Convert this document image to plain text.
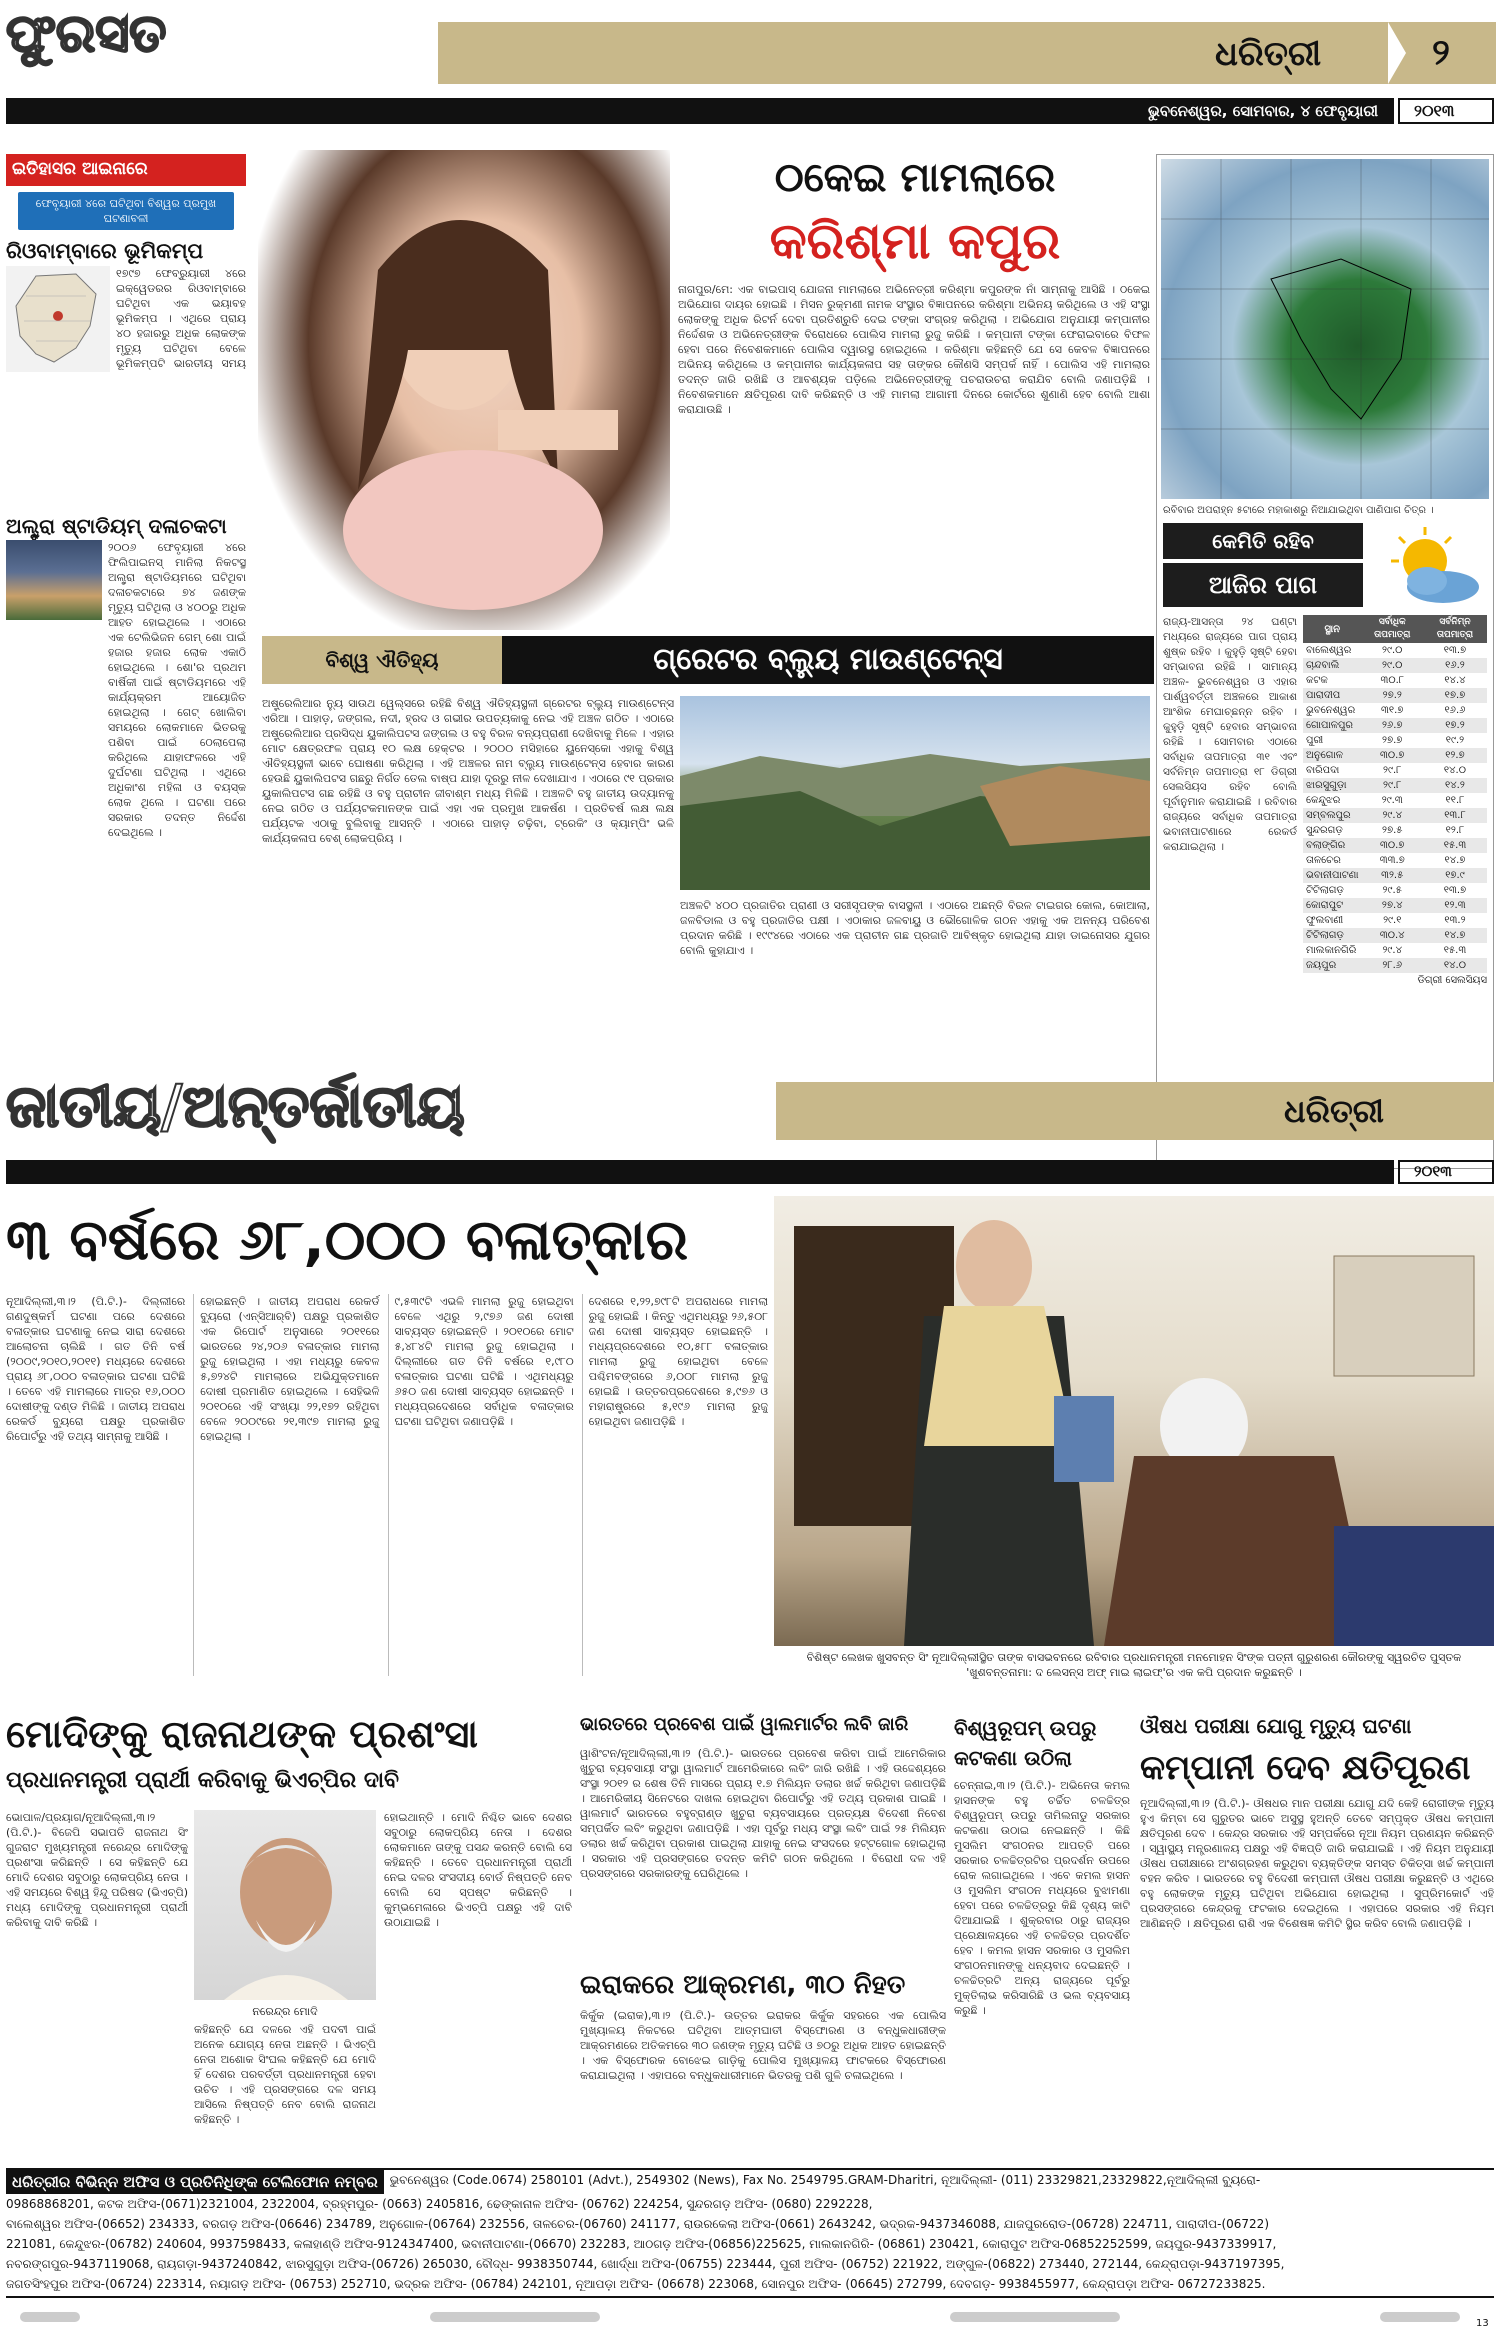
ଫୁରସତ	ଧରିତ୍ରୀ	୨
ଭୁବନେଶ୍ୱର, ସୋମବାର, ୪ ଫେବୃୟାରୀ ୨୦୧୩
ଇତିହାସର ଆଇନାରେ
ଫେବୃୟାରୀ ୪ରେ ଘଟିଥିବା ବିଶ୍ୱର ପ୍ରମୁଖ ଘଟଣାବଳୀ
ରିଓବାମ୍ବାରେ ଭୂମିକମ୍ପ
୧୭୯୭ ଫେବ୍ରୁୟାରୀ ୪ରେ ଇକ୍ୱେଡରର ରିଓବାମ୍ବାରେ ଘଟିଥିବା ଏକ ଭୟାବହ ଭୂମିକମ୍ପ । ଏଥିରେ ପ୍ରାୟ ୪୦ ହଜାରରୁ ଅଧିକ ଲୋକଙ୍କ ମୃତ୍ୟୁ ଘଟିଥିବା ବେଳେ ଭୂମିକମ୍ପଟି ଭାରତୀୟ ସମୟ
ଅଲ୍ଟ୍ରା ଷ୍ଟାଡିୟମ୍ ଦଳାଚକଟା
୨୦୦୬ ଫେବୃୟାରୀ ୪ରେ ଫିଲିପାଇନସ୍ ମାନିଲା ନିକଟସ୍ଥ ଅଲ୍ଟ୍ରା ଷ୍ଟାଡିୟମରେ ଘଟିଥିବା ଦଳାଚକଟାରେ ୭୪ ଜଣଙ୍କ ମୃତ୍ୟୁ ଘଟିଥିଲା ଓ ୪୦୦ରୁ ଅଧିକ ଆହତ ହୋଇଥିଲେ । ଏଠାରେ ଏକ ଟେଲିଭିଜନ ଗେମ୍ ଶୋ ପାଇଁ ହଜାର ହଜାର ଲୋକ ଏକାଠି ହୋଇଥିଲେ । ଶୋ'ର ପ୍ରଥମ ବାର୍ଷିକୀ ପାଇଁ ଷ୍ଟାଡିୟମରେ ଏହି କାର୍ଯ୍ୟକ୍ରମ ଆୟୋଜିତ ହୋଇଥିଲା । ଗେଟ୍ ଖୋଲିବା ସମୟରେ ଲୋକମାନେ ଭିତରକୁ ପଶିବା ପାଇଁ ଠେଲାପେଲା କରିଥିଲେ ଯାହାଫଳରେ ଏହି ଦୁର୍ଘଟଣା ଘଟିଥିଲା । ଏଥିରେ ଅଧିକାଂଶ ମହିଳା ଓ ବୟସ୍କ ଲୋକ ଥିଲେ । ଘଟଣା ପରେ ସରକାର ତଦନ୍ତ ନିର୍ଦ୍ଦେଶ ଦେଇଥିଲେ ।
୦କେଇ ମାମଲାରେ
କରିଶ୍ମା କପୁର
ନାଗପୁର/ମେ: ଏକ ବାଇପାସ୍ ଯୋଜନା ମାମଲାରେ ଅଭିନେତ୍ରୀ କରିଶ୍ମା କପୁରଙ୍କ ନାଁ ସାମ୍ନାକୁ ଆସିଛି । ଠକେଇ ଅଭିଯୋଗ ଦାୟର ହୋଇଛି । ମିସନ ରୁକ୍ମଣୀ ନାମକ ସଂସ୍ଥାର ବିଜ୍ଞାପନରେ କରିଶ୍ମା ଅଭିନୟ କରିଥିଲେ ଓ ଏହି ସଂସ୍ଥା ଲୋକଙ୍କୁ ଅଧିକ ରିଟର୍ନ ଦେବା ପ୍ରତିଶ୍ରୁତି ଦେଇ ଟଙ୍କା ସଂଗ୍ରହ କରିଥିଲା । ଅଭିଯୋଗ ଅନୁଯାୟୀ କମ୍ପାନୀର ନିର୍ଦ୍ଦେଶକ ଓ ଅଭିନେତ୍ରୀଙ୍କ ବିରୋଧରେ ପୋଲିସ ମାମଲା ରୁଜୁ କରିଛି । କମ୍ପାନୀ ଟଙ୍କା ଫେରାଇବାରେ ବିଫଳ ହେବା ପରେ ନିବେଶକମାନେ ପୋଲିସ ଦ୍ୱାରସ୍ଥ ହୋଇଥିଲେ । କରିଶ୍ମା କହିଛନ୍ତି ଯେ ସେ କେବଳ ବିଜ୍ଞାପନରେ ଅଭିନୟ କରିଥିଲେ ଓ କମ୍ପାନୀର କାର୍ଯ୍ୟକଳାପ ସହ ତାଙ୍କର କୌଣସି ସମ୍ପର୍କ ନାହିଁ । ପୋଲିସ ଏହି ମାମଲାର ତଦନ୍ତ ଜାରି ରଖିଛି ଓ ଆବଶ୍ୟକ ପଡ଼ିଲେ ଅଭିନେତ୍ରୀଙ୍କୁ ପଚରାଉଚରା କରାଯିବ ବୋଲି ଜଣାପଡ଼ିଛି । ନିବେଶକମାନେ କ୍ଷତିପୂରଣ ଦାବି କରିଛନ୍ତି ଓ ଏହି ମାମଲା ଆଗାମୀ ଦିନରେ କୋର୍ଟରେ ଶୁଣାଣି ହେବ ବୋଲି ଆଶା କରାଯାଉଛି ।
ବିଶ୍ୱ ଐତିହ୍ୟ	ଗ୍ରେଟର ବ୍ଲ୍ୟୁ ମାଉଣ୍ଟେନ୍ସ
ଅଷ୍ଟ୍ରେଲିଆର ନ୍ୟୁ ସାଉଥ ୱେଲ୍ସରେ ରହିଛି ବିଶ୍ୱ ଐତିହ୍ୟସ୍ଥଳୀ ଗ୍ରେଟର ବ୍ଲ୍ୟୁ ମାଉଣ୍ଟେନ୍ସ ଏରିଆ । ପାହାଡ଼, ଜଙ୍ଗଲ, ନଦୀ, ହ୍ରଦ ଓ ଗଭୀର ଉପତ୍ୟକାକୁ ନେଇ ଏହି ଅଞ୍ଚଳ ଗଠିତ । ଏଠାରେ ଅଷ୍ଟ୍ରେଲିଆର ପ୍ରସିଦ୍ଧ ୟୁକାଲିପଟସ ଜଙ୍ଗଲ ଓ ବହୁ ବିରଳ ବନ୍ୟପ୍ରାଣୀ ଦେଖିବାକୁ ମିଳେ । ଏହାର ମୋଟ କ୍ଷେତ୍ରଫଳ ପ୍ରାୟ ୧୦ ଲକ୍ଷ ହେକ୍ଟର । ୨୦୦୦ ମସିହାରେ ୟୁନେସ୍କୋ ଏହାକୁ ବିଶ୍ୱ ଐତିହ୍ୟସ୍ଥଳୀ ଭାବେ ଘୋଷଣା କରିଥିଲା । ଏହି ଅଞ୍ଚଳର ନାମ ବ୍ଲ୍ୟୁ ମାଉଣ୍ଟେନ୍ସ ହେବାର କାରଣ ହେଉଛି ୟୁକାଲିପଟସ ଗଛରୁ ନିର୍ଗତ ତେଲ ବାଷ୍ପ ଯାହା ଦୂରରୁ ନୀଳ ଦେଖାଯାଏ । ଏଠାରେ ୯୧ ପ୍ରକାର ୟୁକାଲିପଟସ ଗଛ ରହିଛି ଓ ବହୁ ପ୍ରାଚୀନ ଜୀବାଶ୍ମ ମଧ୍ୟ ମିଳିଛି । ଅଞ୍ଚଳଟି ବହୁ ଜାତୀୟ ଉଦ୍ୟାନକୁ ନେଇ ଗଠିତ ଓ ପର୍ଯ୍ୟଟକମାନଙ୍କ ପାଇଁ ଏହା ଏକ ପ୍ରମୁଖ ଆକର୍ଷଣ । ପ୍ରତିବର୍ଷ ଲକ୍ଷ ଲକ୍ଷ ପର୍ଯ୍ୟଟକ ଏଠାକୁ ବୁଲିବାକୁ ଆସନ୍ତି । ଏଠାରେ ପାହାଡ଼ ଚଢ଼ିବା, ଟ୍ରେକିଂ ଓ କ୍ୟାମ୍ପିଂ ଭଳି କାର୍ଯ୍ୟକଳାପ ବେଶ୍ ଲୋକପ୍ରିୟ ।
ଅଞ୍ଚଳଟି ୪୦୦ ପ୍ରଜାତିର ପ୍ରାଣୀ ଓ ସରୀସୃପଙ୍କ ବାସସ୍ଥଳୀ । ଏଠାରେ ଅଛନ୍ତି ବିରଳ ଟାଇଗର କୋଲ, କୋଆଲା, ଜଳବିଡାଲ ଓ ବହୁ ପ୍ରଜାତିର ପକ୍ଷୀ । ଏଠାକାର ଜଳବାୟୁ ଓ ଭୌଗୋଳିକ ଗଠନ ଏହାକୁ ଏକ ଅନନ୍ୟ ପରିବେଶ ପ୍ରଦାନ କରିଛି । ୧୯୯୪ରେ ଏଠାରେ ଏକ ପ୍ରାଚୀନ ଗଛ ପ୍ରଜାତି ଆବିଷ୍କୃତ ହୋଇଥିଲା ଯାହା ଡାଇନୋସର ଯୁଗର ବୋଲି କୁହାଯାଏ ।
ରବିବାର ଅପରାହ୍ନ ୫ଟାରେ ମହାକାଶରୁ ନିଆଯାଇଥିବା ପାଣିପାଗ ଚିତ୍ର ।
କେମିତି ରହିବ
ଆଜିର ପାଗ
ରାଜ୍ୟ-ଆସନ୍ତା ୨୪ ଘଣ୍ଟା ମଧ୍ୟରେ ରାଜ୍ୟରେ ପାଗ ପ୍ରାୟ ଶୁଷ୍କ ରହିବ । କୁହୁଡ଼ି ସୃଷ୍ଟି ହେବା ସମ୍ଭାବନା ରହିଛି । ସାମାନ୍ୟ ଅଞ୍ଚଳ- ଭୁବନେଶ୍ୱର ଓ ଏହାର ପାର୍ଶ୍ୱବର୍ତ୍ତୀ ଅଞ୍ଚଳରେ ଆକାଶ ଆଂଶିକ ମେଘାଚ୍ଛନ୍ନ ରହିବ । କୁହୁଡ଼ି ସୃଷ୍ଟି ହେବାର ସମ୍ଭାବନା ରହିଛି । ସୋମବାର ଏଠାରେ ସର୍ବାଧିକ ତାପମାତ୍ରା ୩୧ ଏବଂ ସର୍ବନିମ୍ନ ତାପମାତ୍ରା ୧୮ ଡିଗ୍ରୀ ସେଲସିୟସ ରହିବ ବୋଲି ପୂର୍ବାନୁମାନ କରାଯାଇଛି । ରବିବାର ରାଜ୍ୟରେ ସର୍ବାଧିକ ତାପମାତ୍ରା ଭବାନୀପାଟଣାରେ ରେକର୍ଡ କରାଯାଇଥିଲା ।
ସ୍ଥାନ	ସର୍ବାଧିକ ତାପମାତ୍ରା	ସର୍ବନିମ୍ନ ତାପମାତ୍ରା
ବାଲେଶ୍ୱର	୨୯.୦	୧୩.୭
ଚାନ୍ଦବାଲି	୨୯.୦	୧୬.୨
କଟକ	୩୦.୮	୧୪.୪
ପାରାଦୀପ	୨୭.୨	୧୭.୭
ଭୁବନେଶ୍ୱର	୩୧.୭	୧୬.୬
ଗୋପାଳପୁର	୨୬.୭	୧୭.୨
ପୁରୀ	୨୭.୭	୧୯.୨
ଅନୁଗୋଳ	୩୦.୭	୧୨.୭
ବାରିପଦା	୨୯.୮	୧୪.୦
ଝାରସୁଗୁଡ଼ା	୨୯.୮	୧୪.୨
କେନ୍ଦୁଝର	୨୯.୩	୧୧.୮
ସମ୍ବଲପୁର	୨୯.୪	୧୩.୮
ସୁନ୍ଦରଗଡ଼	୨୭.୫	୧୨.୮
ବଲାଙ୍ଗିର	୩୦.୭	୧୫.୩
ତାଳଚେର	୩୩.୭	୧୪.୭
ଭବାନୀପାଟଣା	୩୨.୫	୧୭.୯
ଟିଟିଲାଗଡ଼	୨୯.୫	୧୩.୭
କୋରାପୁଟ	୨୭.୪	୧୨.୩
ଫୁଲବାଣୀ	୨୯.୧	୧୩.୨
ଟିଟିଲାଗଡ଼	୩୦.୪	୧୪.୭
ମାଲକାନଗିରି	୨୯.୪	୧୫.୩
ଜୟପୁର	୨୮.୬	୧୪.୦
ଡିଗ୍ରୀ ସେଲସିୟସ
ଜାତୀୟ/ଅନ୍ତର୍ଜାତୀୟ	ଧରିତ୍ରୀ
୨୦୧୩
୩ ବର୍ଷରେ ୬୮,୦୦୦ ବଳାତ୍କାର
ନୂଆଦିଲ୍ଲୀ,୩।୨ (ପି.ଟି.)- ଦିଲ୍ଲୀରେ ଗଣଦୁଷ୍କର୍ମ ଘଟଣା ପରେ ଦେଶରେ ବଳାତ୍କାର ଘଟଣାକୁ ନେଇ ସାରା ଦେଶରେ ଆଲୋଚନା ଚାଲିଛି । ଗତ ତିନି ବର୍ଷ (୨୦୦୯,୨୦୧୦,୨୦୧୧) ମଧ୍ୟରେ ଦେଶରେ ପ୍ରାୟ ୬୮,୦୦୦ ବଳାତ୍କାର ଘଟଣା ଘଟିଛି । ତେବେ ଏହି ମାମଲାରେ ମାତ୍ର ୧୬,୦୦୦ ଦୋଷୀଙ୍କୁ ଦଣ୍ଡ ମିଳିଛି । ଜାତୀୟ ଅପରାଧ ରେକର୍ଡ ବ୍ୟୁରୋ ପକ୍ଷରୁ ପ୍ରକାଶିତ ରିପୋର୍ଟରୁ ଏହି ତଥ୍ୟ ସାମ୍ନାକୁ ଆସିଛି ।
ହୋଇଛନ୍ତି । ଜାତୀୟ ଅପରାଧ ରେକର୍ଡ ବ୍ୟୁରୋ (ଏନ୍‌ସିଆର୍‌ବି) ପକ୍ଷରୁ ପ୍ରକାଶିତ ଏକ ରିପୋର୍ଟ ଅନୁସାରେ ୨୦୧୧ରେ ଭାରତରେ ୨୪,୨୦୬ ବଳାତ୍କାର ମାମଲା ରୁଜୁ ହୋଇଥିଲା । ଏହା ମଧ୍ୟରୁ କେବଳ ୫,୭୨୪ଟି ମାମଲାରେ ଅଭିଯୁକ୍ତମାନେ ଦୋଷୀ ପ୍ରମାଣିତ ହୋଇଥିଲେ । ସେହିଭଳି ୨୦୧୦ରେ ଏହି ସଂଖ୍ୟା ୨୨,୧୭୨ ରହିଥିବା ବେଳେ ୨୦୦୯ରେ ୨୧,୩୯୭ ମାମଲା ରୁଜୁ ହୋଇଥିଲା ।
୯,୫୩୯ଟି ଏଭଳି ମାମଲା ରୁଜୁ ହୋଇଥିବା ବେଳେ ଏଥିରୁ ୨,୯୭୬ ଜଣ ଦୋଷୀ ସାବ୍ୟସ୍ତ ହୋଇଛନ୍ତି । ୨୦୧୦ରେ ମୋଟ ୫,୪୮୪ଟି ମାମଲା ରୁଜୁ ହୋଇଥିଲା । ଦିଲ୍ଲୀରେ ଗତ ତିନି ବର୍ଷରେ ୧,୯୮୦ ବଳାତ୍କାର ଘଟଣା ଘଟିଛି । ଏଥିମଧ୍ୟରୁ ୬୫୦ ଜଣ ଦୋଷୀ ସାବ୍ୟସ୍ତ ହୋଇଛନ୍ତି । ମଧ୍ୟପ୍ରଦେଶରେ ସର୍ବାଧିକ ବଳାତ୍କାର ଘଟଣା ଘଟିଥିବା ଜଣାପଡ଼ିଛି ।
ଦେଶରେ ୧,୨୨,୭୯୮ଟି ଅପରାଧରେ ମାମଲା ରୁଜୁ ହୋଇଛି । କିନ୍ତୁ ଏଥିମଧ୍ୟରୁ ୨୬,୫୦୮ ଜଣ ଦୋଷୀ ସାବ୍ୟସ୍ତ ହୋଇଛନ୍ତି । ମଧ୍ୟପ୍ରଦେଶରେ ୧୦,୫୮୮ ବଳାତ୍କାର ମାମଲା ରୁଜୁ ହୋଇଥିବା ବେଳେ ପଶ୍ଚିମବଙ୍ଗରେ ୬,୦୦୮ ମାମଲା ରୁଜୁ ହୋଇଛି । ଉତ୍ତରପ୍ରଦେଶରେ ୫,୯୭୬ ଓ ମହାରାଷ୍ଟ୍ରରେ ୫,୧୯୬ ମାମଲା ରୁଜୁ ହୋଇଥିବା ଜଣାପଡ଼ିଛି ।
ବିଶିଷ୍ଟ ଲେଖକ ଖୁସବନ୍ତ ସିଂ ନୂଆଦିଲ୍ଲୀସ୍ଥିତ ତାଙ୍କ ବାସଭବନରେ ରବିବାର ପ୍ରଧାନମନ୍ତ୍ରୀ ମନମୋହନ ସିଂଙ୍କ ପତ୍ନୀ ଗୁରୁଶରଣ କୌରଙ୍କୁ ସ୍ୱରଚିତ ପୁସ୍ତକ 'ଖୁଶବନ୍ତନାମା: ଦ ଲେସନ୍ସ ଅଫ୍ ମାଇ ଲାଇଫ୍'ର ଏକ କପି ପ୍ରଦାନ କରୁଛନ୍ତି ।
ମୋଦିଙ୍କୁ ରାଜନାଥଙ୍କ ପ୍ରଶଂସା
ପ୍ରଧାନମନ୍ତ୍ରୀ ପ୍ରାର୍ଥୀ କରିବାକୁ ଭିଏଚ୍‌ପିର ଦାବି
ଭୋପାଳ/ପ୍ରୟାଗ/ନୂଆଦିଲ୍ଲୀ,୩।୨ (ପି.ଟି.)- ବିଜେପି ସଭାପତି ରାଜନାଥ ସିଂ ଗୁଜରାଟ ମୁଖ୍ୟମନ୍ତ୍ରୀ ନରେନ୍ଦ୍ର ମୋଦିଙ୍କୁ ପ୍ରଶଂସା କରିଛନ୍ତି । ସେ କହିଛନ୍ତି ଯେ ମୋଦି ଦେଶର ସବୁଠାରୁ ଲୋକପ୍ରିୟ ନେତା । ଏହି ସମୟରେ ବିଶ୍ୱ ହିନ୍ଦୁ ପରିଷଦ (ଭିଏଚ୍‌ପି) ମଧ୍ୟ ମୋଦିଙ୍କୁ ପ୍ରଧାନମନ୍ତ୍ରୀ ପ୍ରାର୍ଥୀ କରିବାକୁ ଦାବି କରିଛି ।
ନରେନ୍ଦ୍ର ମୋଦି
କହିଛନ୍ତି ଯେ ଦଳରେ ଏହି ପଦବୀ ପାଇଁ ଅନେକ ଯୋଗ୍ୟ ନେତା ଅଛନ୍ତି । ଭିଏଚ୍‌ପି ନେତା ଅଶୋକ ସିଂଘଲ କହିଛନ୍ତି ଯେ ମୋଦି ହିଁ ଦେଶର ପରବର୍ତ୍ତୀ ପ୍ରଧାନମନ୍ତ୍ରୀ ହେବା ଉଚିତ । ଏହି ପ୍ରସଙ୍ଗରେ ଦଳ ସମୟ ଆସିଲେ ନିଷ୍ପତ୍ତି ନେବ ବୋଲି ରାଜନାଥ କହିଛନ୍ତି ।
ହୋଇଥାନ୍ତି । ମୋଦି ନିଶ୍ଚିତ ଭାବେ ଦେଶର ସବୁଠାରୁ ଲୋକପ୍ରିୟ ନେତା । ଦେଶର ଲୋକମାନେ ତାଙ୍କୁ ପସନ୍ଦ କରନ୍ତି ବୋଲି ସେ କହିଛନ୍ତି । ତେବେ ପ୍ରଧାନମନ୍ତ୍ରୀ ପ୍ରାର୍ଥୀ ନେଇ ଦଳର ସଂସଦୀୟ ବୋର୍ଡ ନିଷ୍ପତ୍ତି ନେବ ବୋଲି ସେ ସ୍ପଷ୍ଟ କରିଛନ୍ତି । କୁମ୍ଭମେଳାରେ ଭିଏଚ୍‌ପି ପକ୍ଷରୁ ଏହି ଦାବି ଉଠାଯାଇଛି ।
ଭାରତରେ ପ୍ରବେଶ ପାଇଁ ୱାଲମାର୍ଟର ଲବି ଜାରି
ୱାଶିଂଟନ/ନୂଆଦିଲ୍ଲୀ,୩।୨ (ପି.ଟି.)- ଭାରତରେ ପ୍ରବେଶ କରିବା ପାଇଁ ଆମେରିକାର ଖୁଚୁରା ବ୍ୟବସାୟୀ ସଂସ୍ଥା ୱାଲମାର୍ଟ ଆମେରିକାରେ ଲବିଂ ଜାରି ରଖିଛି । ଏହି ଉଦ୍ଦେଶ୍ୟରେ ସଂସ୍ଥା ୨୦୧୨ ର ଶେଷ ତିନି ମାସରେ ପ୍ରାୟ ୧.୭ ମିଲିୟନ ଡଲାର ଖର୍ଚ୍ଚ କରିଥିବା ଜଣାପଡ଼ିଛି । ଆମେରିକୀୟ ସିନେଟରେ ଦାଖଲ ହୋଇଥିବା ରିପୋର୍ଟରୁ ଏହି ତଥ୍ୟ ପ୍ରକାଶ ପାଇଛି । ୱାଲମାର୍ଟ ଭାରତରେ ବହୁବ୍ରାଣ୍ଡ ଖୁଚୁରା ବ୍ୟବସାୟରେ ପ୍ରତ୍ୟକ୍ଷ ବିଦେଶୀ ନିବେଶ ସମ୍ପର୍କିତ ଲବିଂ କରୁଥିବା ଜଣାପଡ଼ିଛି । ଏହା ପୂର୍ବରୁ ମଧ୍ୟ ସଂସ୍ଥା ଲବିଂ ପାଇଁ ୨୫ ମିଲିୟନ ଡଲାର ଖର୍ଚ୍ଚ କରିଥିବା ପ୍ରକାଶ ପାଇଥିଲା ଯାହାକୁ ନେଇ ସଂସଦରେ ହଟ୍ଟଗୋଳ ହୋଇଥିଲା । ସରକାର ଏହି ପ୍ରସଙ୍ଗରେ ତଦନ୍ତ କମିଟି ଗଠନ କରିଥିଲେ । ବିରୋଧୀ ଦଳ ଏହି ପ୍ରସଙ୍ଗରେ ସରକାରଙ୍କୁ ଘେରିଥିଲେ ।
ଇରାକରେ ଆକ୍ରମଣ, ୩୦ ନିହତ
କିର୍କୁକ (ଇରାକ),୩।୨ (ପି.ଟି.)- ଉତ୍ତର ଇରାକର କିର୍କୁକ ସହରରେ ଏକ ପୋଲିସ ମୁଖ୍ୟାଳୟ ନିକଟରେ ଘଟିଥିବା ଆତ୍ମଘାତୀ ବିସ୍ଫୋରଣ ଓ ବନ୍ଧୁକଧାରୀଙ୍କ ଆକ୍ରମଣରେ ଅତିକମରେ ୩୦ ଜଣଙ୍କ ମୃତ୍ୟୁ ଘଟିଛି ଓ ୭୦ରୁ ଅଧିକ ଆହତ ହୋଇଛନ୍ତି । ଏକ ବିସ୍ଫୋରକ ବୋଝେଇ ଗାଡ଼ିକୁ ପୋଲିସ ମୁଖ୍ୟାଳୟ ଫାଟକରେ ବିସ୍ଫୋରଣ କରାଯାଇଥିଲା । ଏହାପରେ ବନ୍ଧୁକଧାରୀମାନେ ଭିତରକୁ ପଶି ଗୁଳି ଚଳାଇଥିଲେ ।
ବିଶ୍ୱରୂପମ୍ ଉପରୁ
କଟକଣା ଉଠିଲା
ଚେନ୍ନାଇ,୩।୨ (ପି.ଟି.)- ଅଭିନେତା କମଲ ହାସନଙ୍କ ବହୁ ଚର୍ଚ୍ଚିତ ଚଳଚ୍ଚିତ୍ର ବିଶ୍ୱରୂପମ୍ ଉପରୁ ତାମିଲନାଡୁ ସରକାର କଟକଣା ଉଠାଇ ନେଇଛନ୍ତି । କିଛି ମୁସଲିମ ସଂଗଠନର ଆପତ୍ତି ପରେ ସରକାର ଚଳଚ୍ଚିତ୍ରଟିର ପ୍ରଦର୍ଶନ ଉପରେ ରୋକ ଲଗାଇଥିଲେ । ଏବେ କମଲ ହାସନ ଓ ମୁସଲିମ ସଂଗଠନ ମଧ୍ୟରେ ବୁଝାମଣା ହେବା ପରେ ଚଳଚ୍ଚିତ୍ରରୁ କିଛି ଦୃଶ୍ୟ କାଟି ଦିଆଯାଇଛି । ଶୁକ୍ରବାର ଠାରୁ ରାଜ୍ୟର ପ୍ରେକ୍ଷାଳୟରେ ଏହି ଚଳଚ୍ଚିତ୍ର ପ୍ରଦର୍ଶିତ ହେବ । କମଲ ହାସନ ସରକାର ଓ ମୁସଲିମ ସଂଗଠନମାନଙ୍କୁ ଧନ୍ୟବାଦ ଦେଇଛନ୍ତି । ଚଳଚ୍ଚିତ୍ରଟି ଅନ୍ୟ ରାଜ୍ୟରେ ପୂର୍ବରୁ ମୁକ୍ତିଲାଭ କରିସାରିଛି ଓ ଭଲ ବ୍ୟବସାୟ କରୁଛି ।
ଔଷଧ ପରୀକ୍ଷା ଯୋଗୁ ମୃତ୍ୟୁ ଘଟଣା
କମ୍ପାନୀ ଦେବ କ୍ଷତିପୂରଣ
ନୂଆଦିଲ୍ଲୀ,୩।୨ (ପି.ଟି.)- ଔଷଧର ମାନ ପରୀକ୍ଷା ଯୋଗୁ ଯଦି କେହି ରୋଗୀଙ୍କ ମୃତ୍ୟୁ ହୁଏ କିମ୍ବା ସେ ଗୁରୁତର ଭାବେ ଅସୁସ୍ଥ ହୁଅନ୍ତି ତେବେ ସମ୍ପୃକ୍ତ ଔଷଧ କମ୍ପାନୀ କ୍ଷତିପୂରଣ ଦେବ । କେନ୍ଦ୍ର ସରକାର ଏହି ସମ୍ପର୍କରେ ନୂଆ ନିୟମ ପ୍ରଣୟନ କରିଛନ୍ତି । ସ୍ୱାସ୍ଥ୍ୟ ମନ୍ତ୍ରଣାଳୟ ପକ୍ଷରୁ ଏହି ବିଜ୍ଞପ୍ତି ଜାରି କରାଯାଇଛି । ଏହି ନିୟମ ଅନୁଯାୟୀ ଔଷଧ ପରୀକ୍ଷାରେ ଅଂଶଗ୍ରହଣ କରୁଥିବା ବ୍ୟକ୍ତିଙ୍କ ସମସ୍ତ ଚିକିତ୍ସା ଖର୍ଚ୍ଚ କମ୍ପାନୀ ବହନ କରିବ । ଭାରତରେ ବହୁ ବିଦେଶୀ କମ୍ପାନୀ ଔଷଧ ପରୀକ୍ଷା କରୁଛନ୍ତି ଓ ଏଥିରେ ବହୁ ଲୋକଙ୍କ ମୃତ୍ୟୁ ଘଟିଥିବା ଅଭିଯୋଗ ହୋଇଥିଲା । ସୁପ୍ରିମକୋର୍ଟ ଏହି ପ୍ରସଙ୍ଗରେ କେନ୍ଦ୍ରକୁ ଫଟକାର ଦେଇଥିଲେ । ଏହାପରେ ସରକାର ଏହି ନିୟମ ଆଣିଛନ୍ତି । କ୍ଷତିପୂରଣ ରାଶି ଏକ ବିଶେଷଜ୍ଞ କମିଟି ସ୍ଥିର କରିବ ବୋଲି ଜଣାପଡ଼ିଛି ।
ଧରିତ୍ରୀର ବିଭିନ୍ନ ଅଫିସ ଓ ପ୍ରତିନିଧିଙ୍କ ଟେଲିଫୋନ ନମ୍ବର	ଭୁବନେଶ୍ୱର (Code.0674) 2580101 (Advt.), 2549302 (News), Fax No. 2549795.GRAM-Dharitri, ନୂଆଦିଲ୍ଲୀ- (011) 23329821,23329822,ନୂଆଦିଲ୍ଲୀ ବ୍ୟୁରୋ-
09868868201, କଟକ ଅଫିସ-(0671)2321004, 2322004, ବ୍ରହ୍ମପୁର- (0663) 2405816, ଢେଙ୍କାନାଳ ଅଫିସ- (06762) 224254, ସୁନ୍ଦରଗଡ଼ ଅଫିସ- (0680) 2292228,
ବାଲେଶ୍ୱର ଅଫିସ-(06652) 234333, ବରଗଡ଼ ଅଫିସ-(06646) 234789, ଅନୁଗୋଳ-(06764) 232556, ତାଳଚେର-(06760) 241177, ରାଉରକେଲା ଅଫିସ-(0661) 2643242, ଭଦ୍ରକ-9437346088, ଯାଜପୁରରୋଡ-(06728) 224711, ପାରାଦୀପ-(06722)
221081, କେନ୍ଦୁଝର-(06782) 240604, 9937598433, କଳାହାଣ୍ଡି ଅଫିସ-9124347400, ଭବାନୀପାଟଣା-(06670) 232283, ଆଠଗଡ଼ ଅଫିସ-(06856)225625, ମାଲକାନଗିରି- (06861) 230421, କୋରାପୁଟ ଅଫିସ-06852252599, ଜୟପୁର-9437339917,
ନବରଙ୍ଗପୁର-9437119068, ରାୟଗଡ଼ା-9437240842, ଝାରସୁଗୁଡ଼ା ଅଫିସ-(06726) 265030, ବୌଦ୍ଧ- 9938350744, ଖୋର୍ଦ୍ଧା ଅଫିସ-(06755) 223444, ପୁରୀ ଅଫିସ- (06752) 221922, ଅଙ୍ଗୁଳ-(06822) 273440, 272144, କେନ୍ଦ୍ରାପଡ଼ା-9437197395,
ଜଗତସିଂହପୁର ଅଫିସ-(06724) 223314, ନୟାଗଡ଼ ଅଫିସ- (06753) 252710, ଭଦ୍ରକ ଅଫିସ- (06784) 242101, ନୂଆପଡ଼ା ଅଫିସ- (06678) 223068, ସୋନପୁର ଅଫିସ- (06645) 272799, ଦେବଗଡ଼- 9938455977, କେନ୍ଦ୍ରାପଡ଼ା ଅଫିସ- 06727233825.
13
